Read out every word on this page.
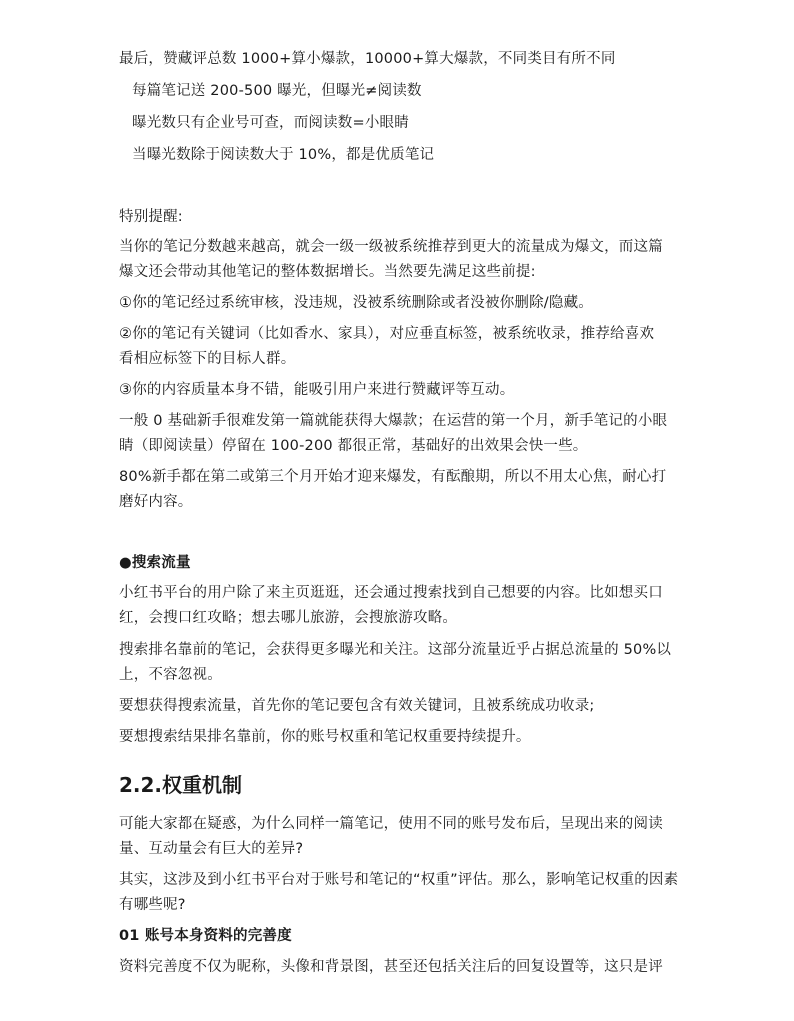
最后，赞藏评总数 1000+算小爆款，10000+算大爆款，不同类目有所不同
每篇笔记送 200-500 曝光，但曝光≠阅读数
曝光数只有企业号可查，而阅读数=小眼睛
当曝光数除于阅读数大于 10%，都是优质笔记
特别提醒:
当你的笔记分数越来越高，就会一级一级被系统推荐到更大的流量成为爆文，而这篇
爆文还会带动其他笔记的整体数据增长。当然要先满足这些前提:
①你的笔记经过系统审核，没违规，没被系统删除或者没被你删除/隐藏。
②你的笔记有关键词（比如香水、家具），对应垂直标签，被系统收录，推荐给喜欢
看相应标签下的目标人群。
③你的内容质量本身不错，能吸引用户来进行赞藏评等互动。
一般 0 基础新手很难发第一篇就能获得大爆款；在运营的第一个月，新手笔记的小眼
睛（即阅读量）停留在 100-200 都很正常，基础好的出效果会快一些。
80%新手都在第二或第三个月开始才迎来爆发，有酝酿期，所以不用太心焦，耐心打
磨好内容。
●搜索流量
小红书平台的用户除了来主页逛逛，还会通过搜索找到自己想要的内容。比如想买口
红，会搜口红攻略；想去哪儿旅游，会搜旅游攻略。
搜索排名靠前的笔记，会获得更多曝光和关注。这部分流量近乎占据总流量的 50%以
上，不容忽视。
要想获得搜索流量，首先你的笔记要包含有效关键词，且被系统成功收录;
要想搜索结果排名靠前，你的账号权重和笔记权重要持续提升。
2.2.权重机制
可能大家都在疑惑，为什么同样一篇笔记，使用不同的账号发布后，呈现出来的阅读
量、互动量会有巨大的差异?
其实，这涉及到小红书平台对于账号和笔记的“权重”评估。那么，影响笔记权重的因素
有哪些呢?
01 账号本身资料的完善度
资料完善度不仅为昵称，头像和背景图，甚至还包括关注后的回复设置等，这只是评
